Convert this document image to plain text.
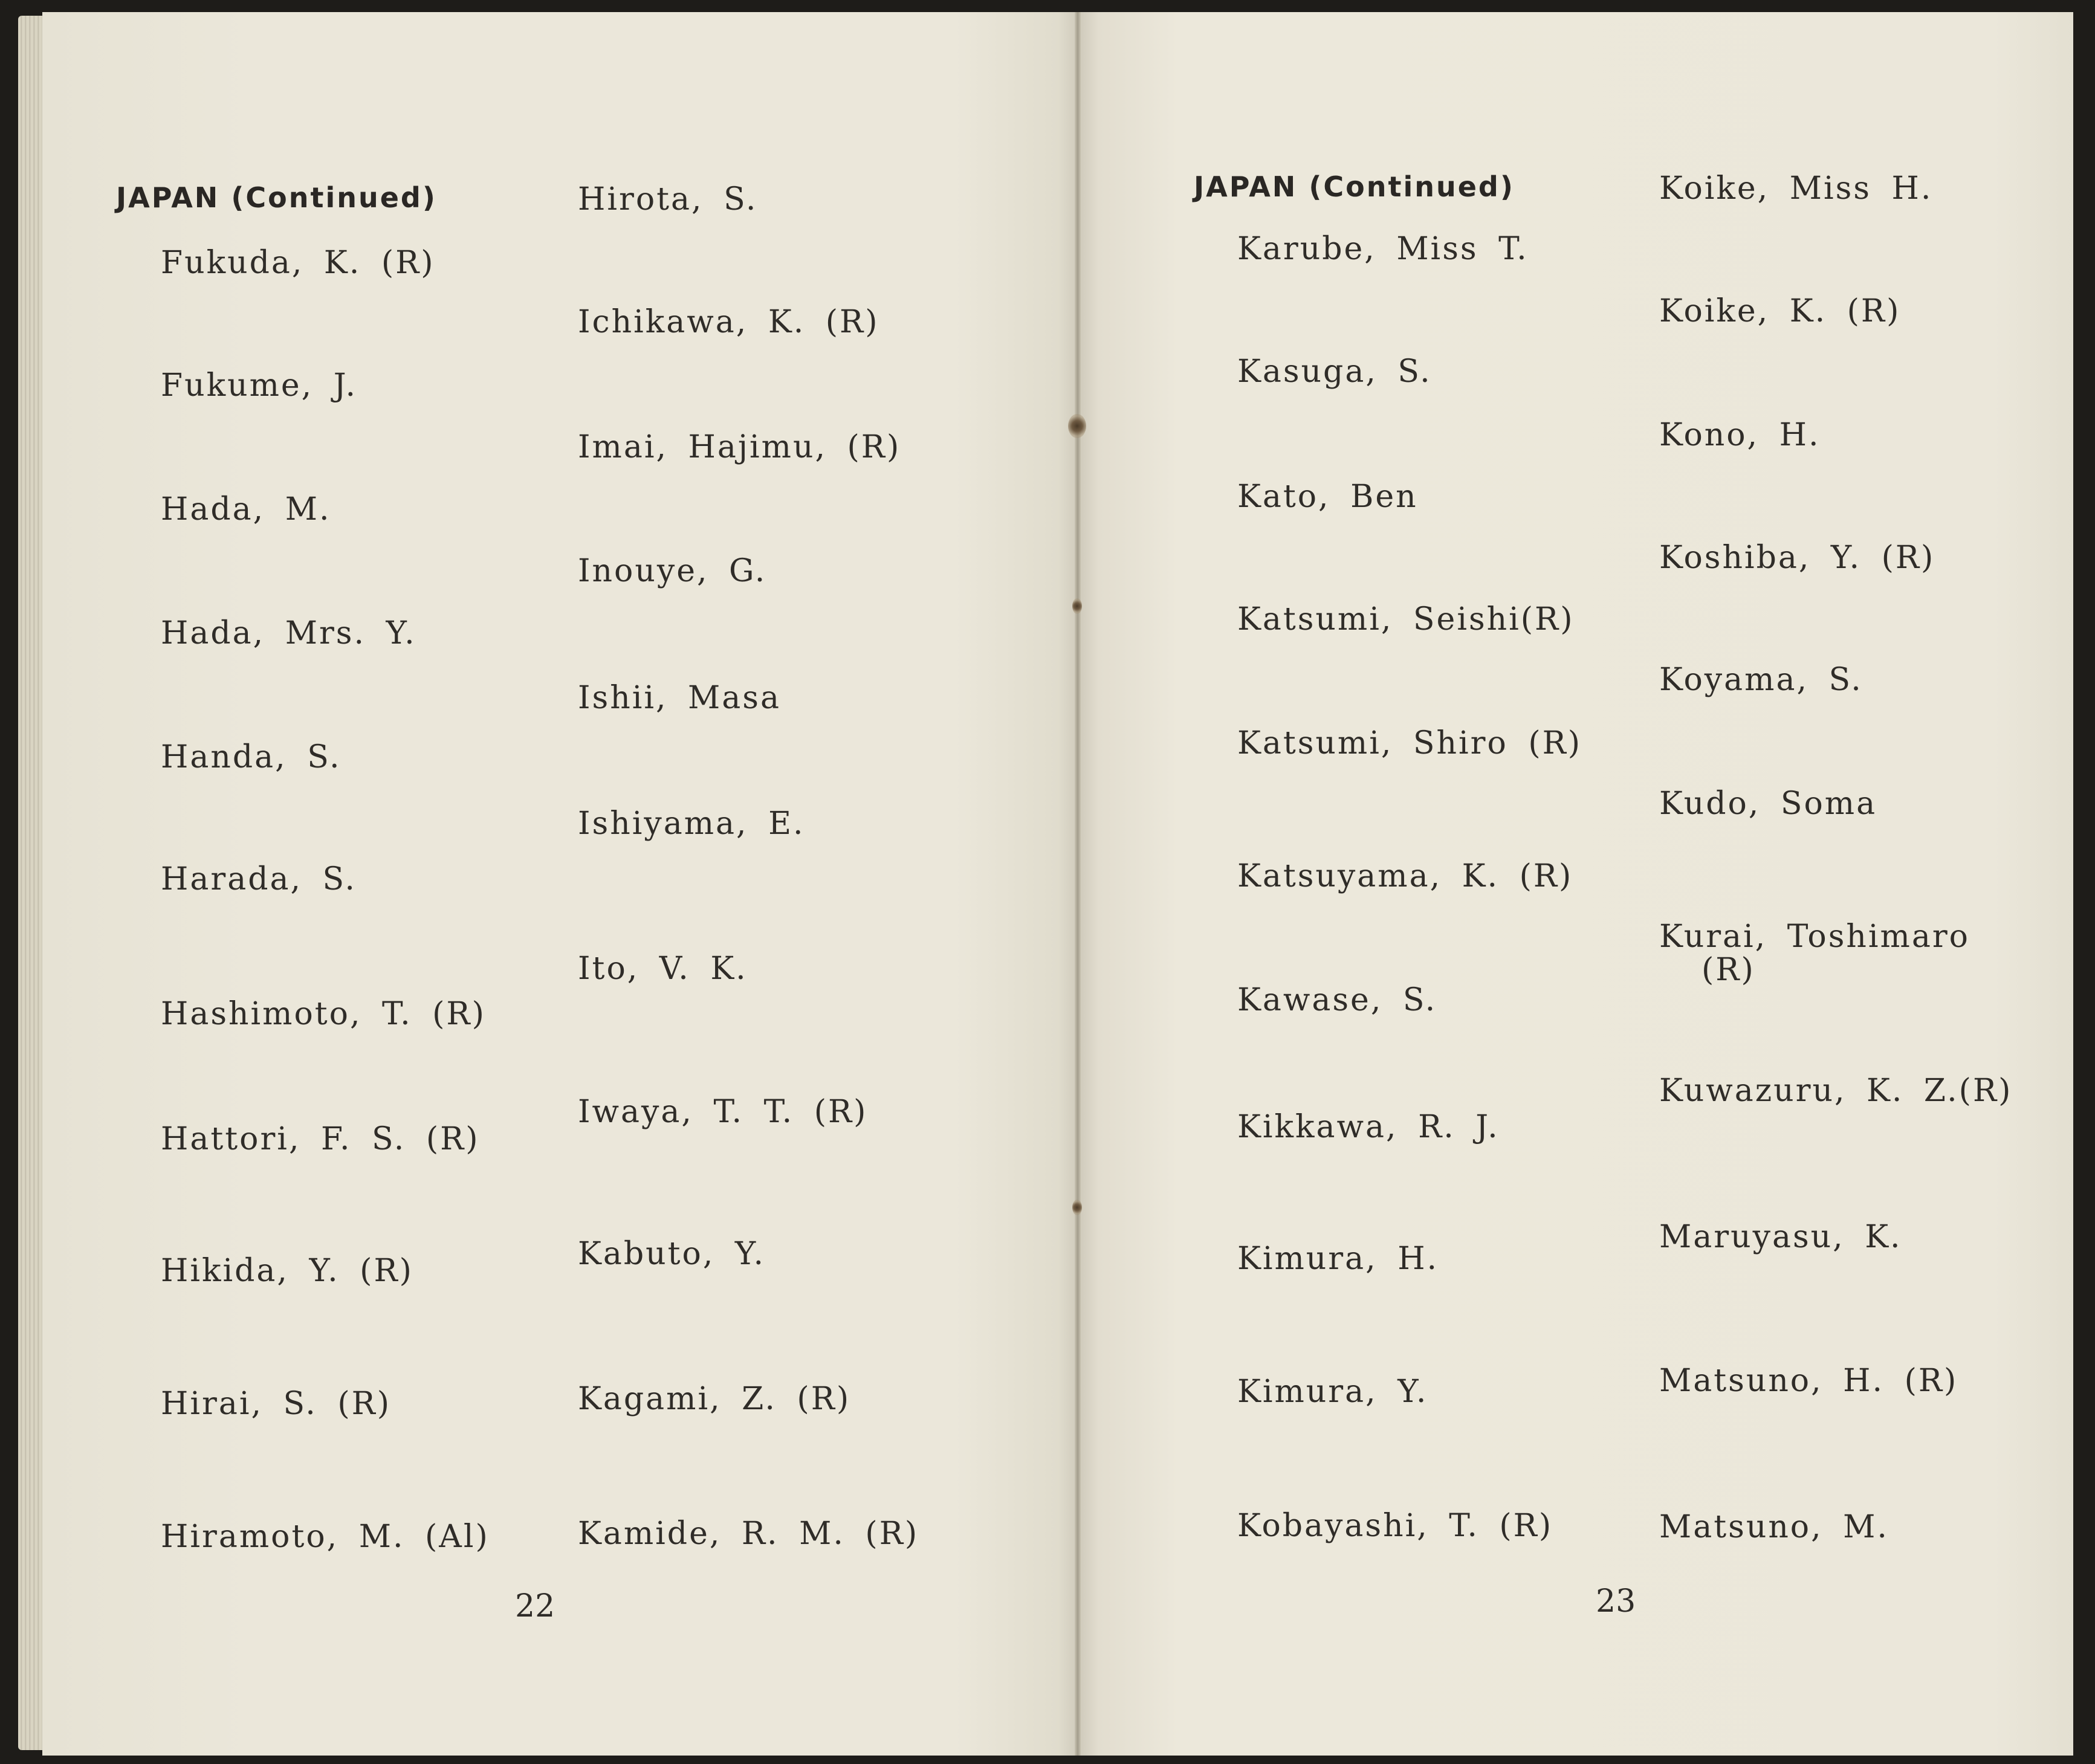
JAPAN (Continued)
Fukuda, K. (R)
Fukume, J.
Hada, M.
Hada, Mrs. Y.
Handa, S.
Harada, S.
Hashimoto, T. (R)
Hattori, F. S. (R)
Hikida, Y. (R)
Hirai, S. (R)
Hiramoto, M. (Al)
Hirota, S.
Ichikawa, K. (R)
Imai, Hajimu, (R)
Inouye, G.
Ishii, Masa
Ishiyama, E.
Ito, V. K.
Iwaya, T. T. (R)
Kabuto, Y.
Kagami, Z. (R)
Kamide, R. M. (R)
22
JAPAN (Continued)
Karube, Miss T.
Kasuga, S.
Kato, Ben
Katsumi, Seishi(R)
Katsumi, Shiro (R)
Katsuyama, K. (R)
Kawase, S.
Kikkawa, R. J.
Kimura, H.
Kimura, Y.
Kobayashi, T. (R)
Koike, Miss H.
Koike, K. (R)
Kono, H.
Koshiba, Y. (R)
Koyama, S.
Kudo, Soma
Kurai, Toshimaro
(R)
Kuwazuru, K. Z.(R)
Maruyasu, K.
Matsuno, H. (R)
Matsuno, M.
23
